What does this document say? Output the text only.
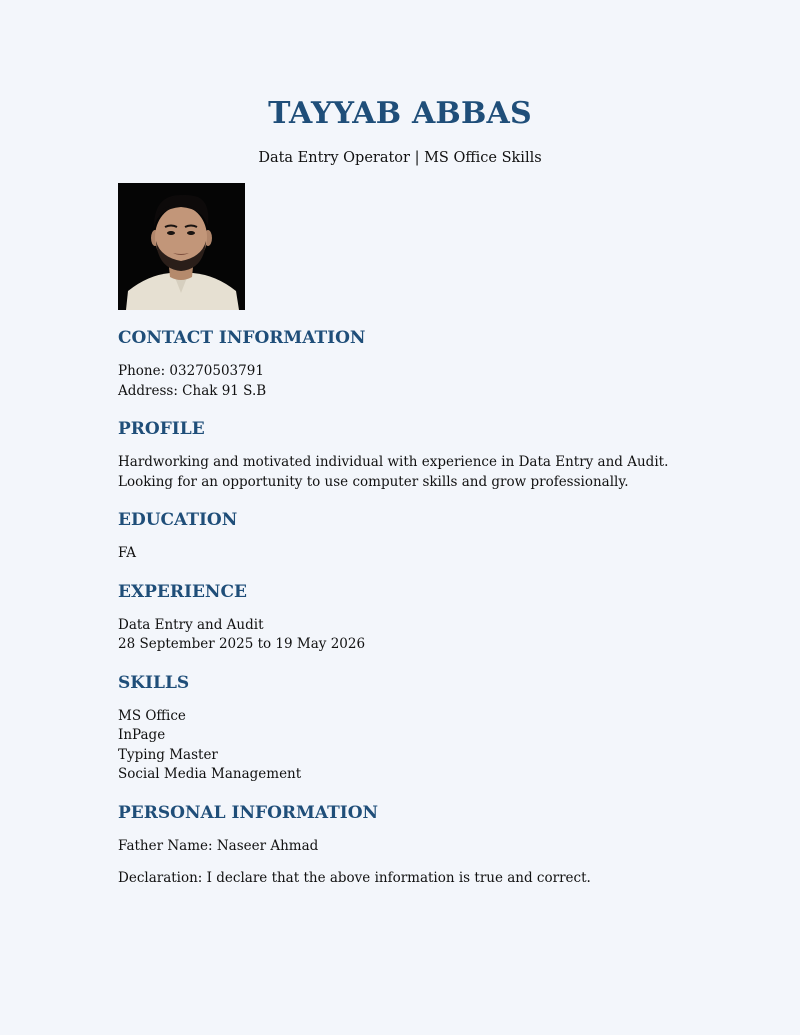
TAYYAB ABBAS
Data Entry Operator | MS Office Skills
CONTACT INFORMATION

Phone: 03270503791

Address: Chak 91 S.B

PROFILE

Hardworking and motivated individual with experience in Data Entry and Audit. Looking for an opportunity to use computer skills and grow professionally.

EDUCATION

FA

EXPERIENCE

Data Entry and Audit

28 September 2025 to 19 May 2026

SKILLS

MS Office

InPage

Typing Master

Social Media Management

PERSONAL INFORMATION

Father Name: Naseer Ahmad

Declaration: I declare that the above information is true and correct.
